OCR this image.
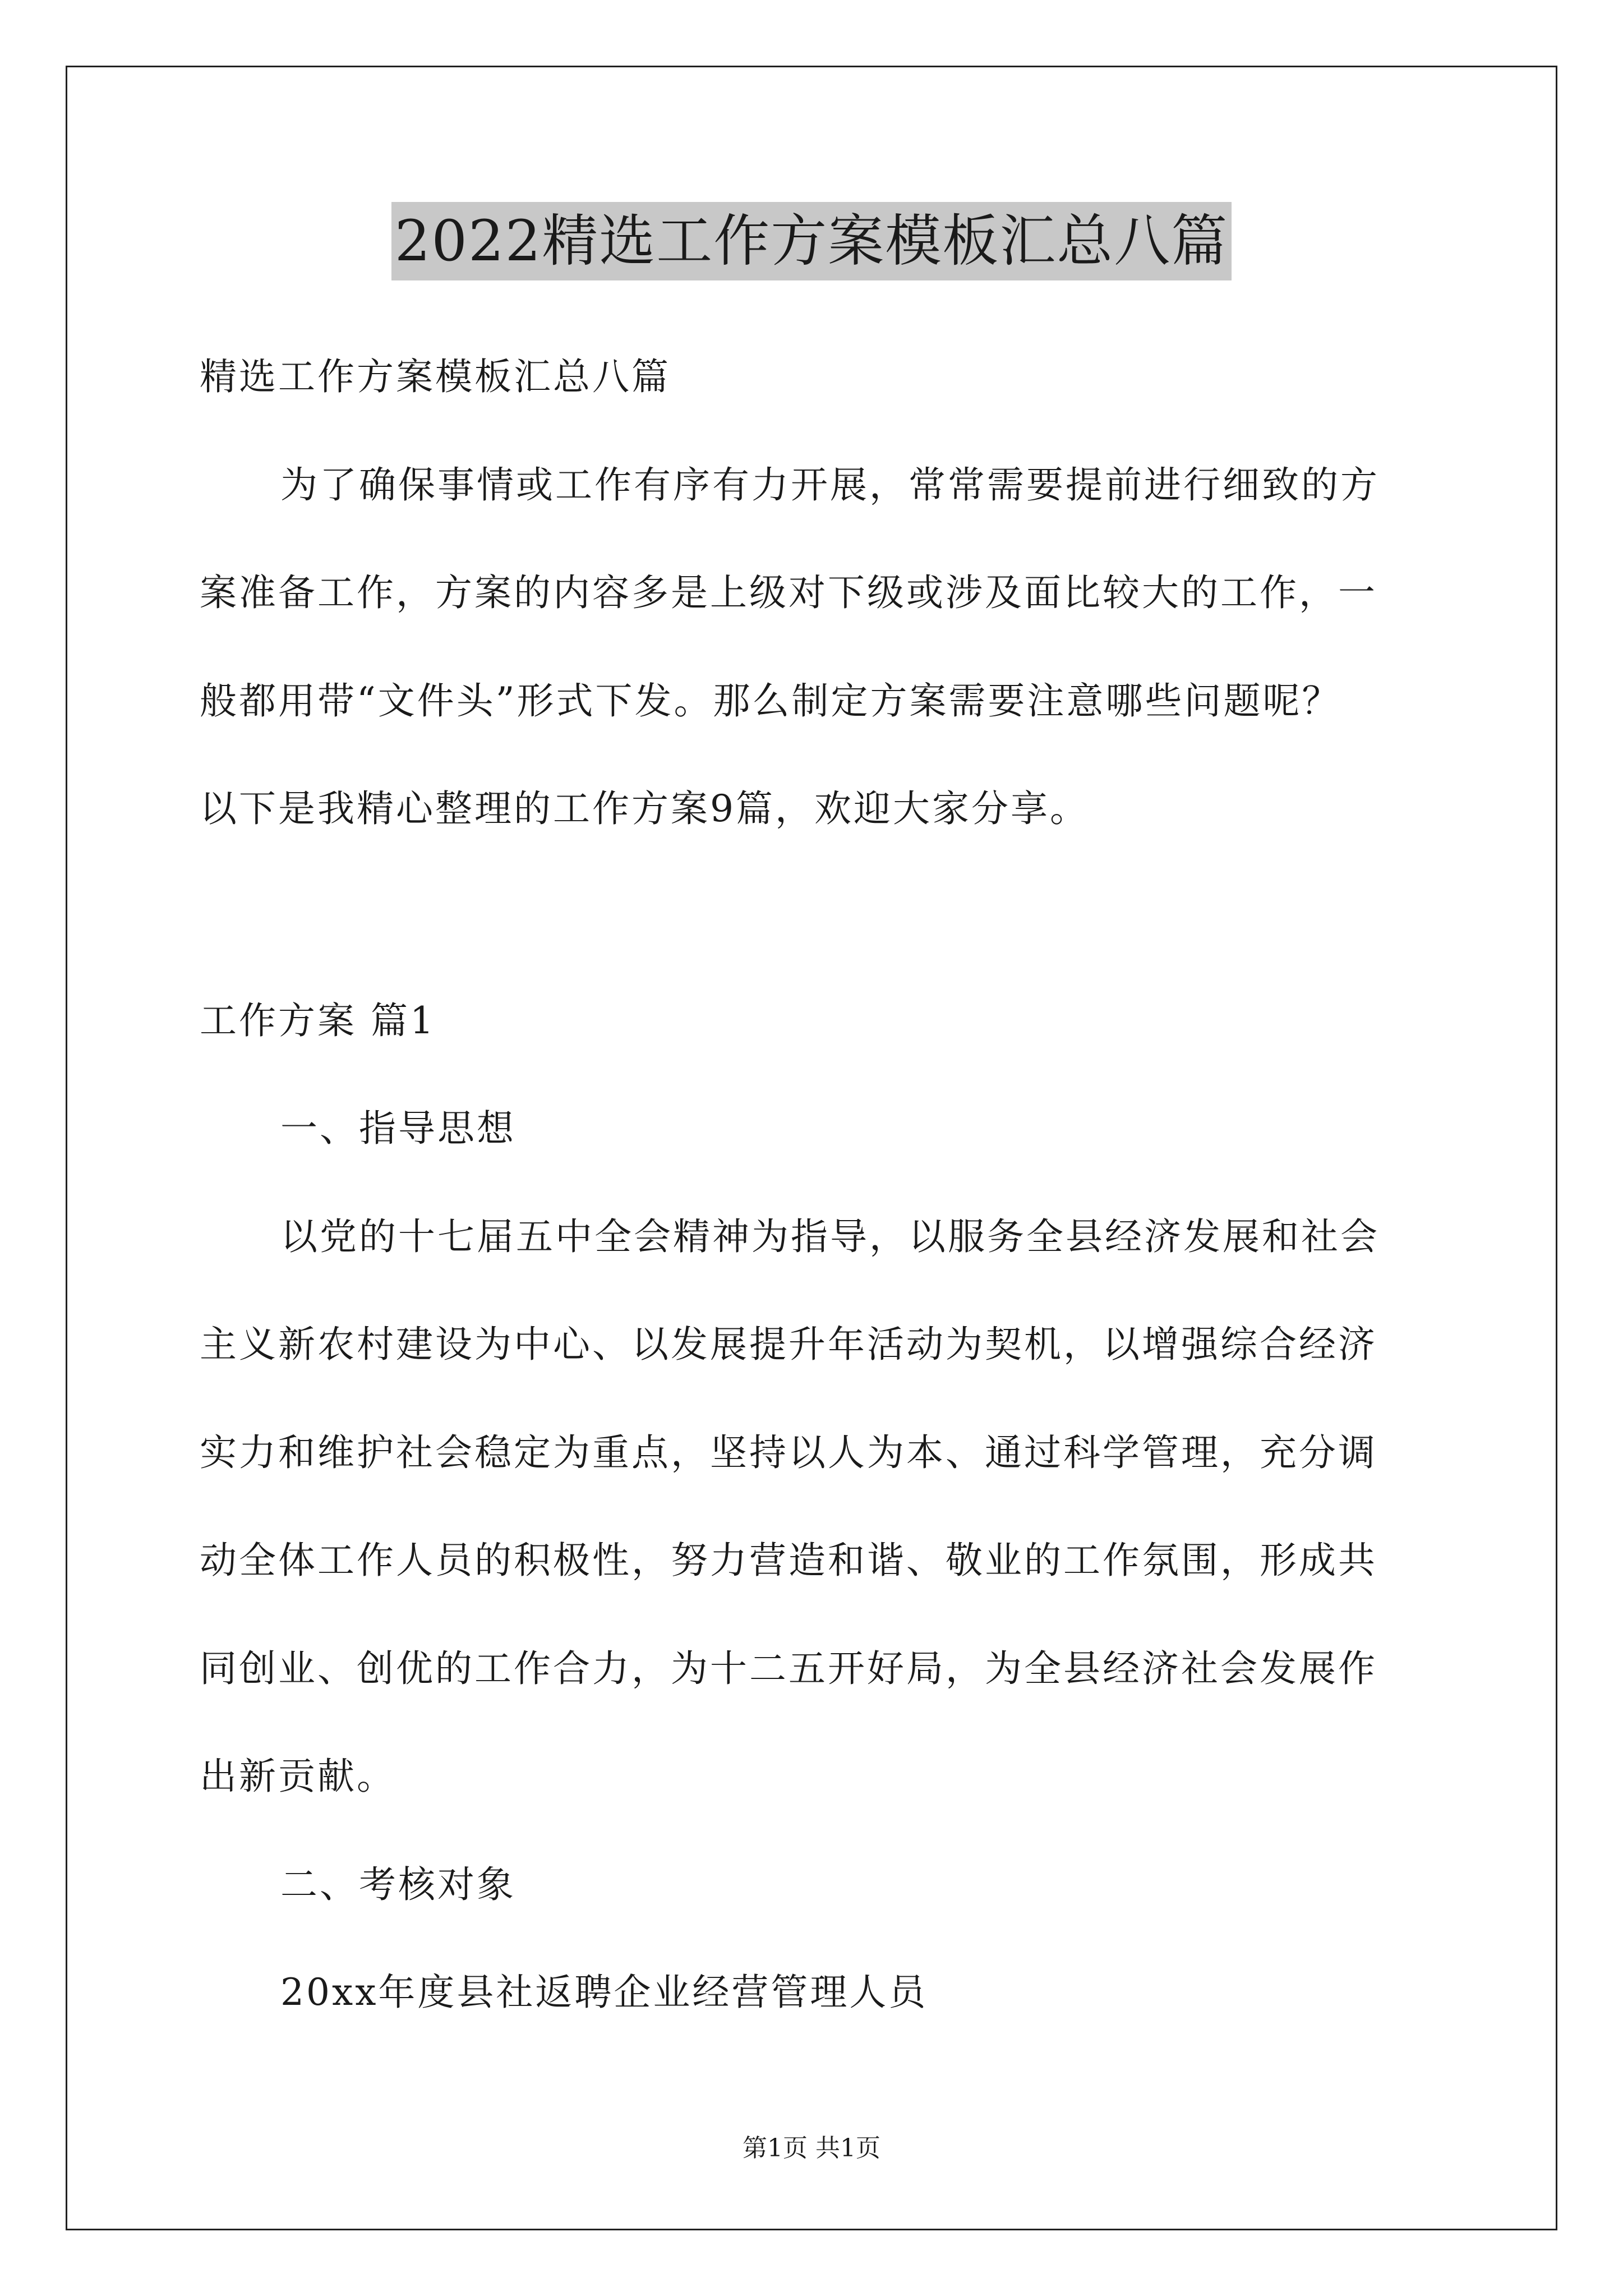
2022精选工作方案模板汇总八篇
精选工作方案模板汇总八篇
为了确保事情或工作有序有力开展，常常需要提前进行细致的方
案准备工作，方案的内容多是上级对下级或涉及面比较大的工作，一
般都用带“文件头”形式下发。那么制定方案需要注意哪些问题呢？
以下是我精心整理的工作方案9篇，欢迎大家分享。
工作方案 篇1
一、指导思想
以党的十七届五中全会精神为指导，以服务全县经济发展和社会
主义新农村建设为中心、以发展提升年活动为契机，以增强综合经济
实力和维护社会稳定为重点，坚持以人为本、通过科学管理，充分调
动全体工作人员的积极性，努力营造和谐、敬业的工作氛围，形成共
同创业、创优的工作合力，为十二五开好局，为全县经济社会发展作
出新贡献。
二、考核对象
20xx年度县社返聘企业经营管理人员
第1页 共1页
